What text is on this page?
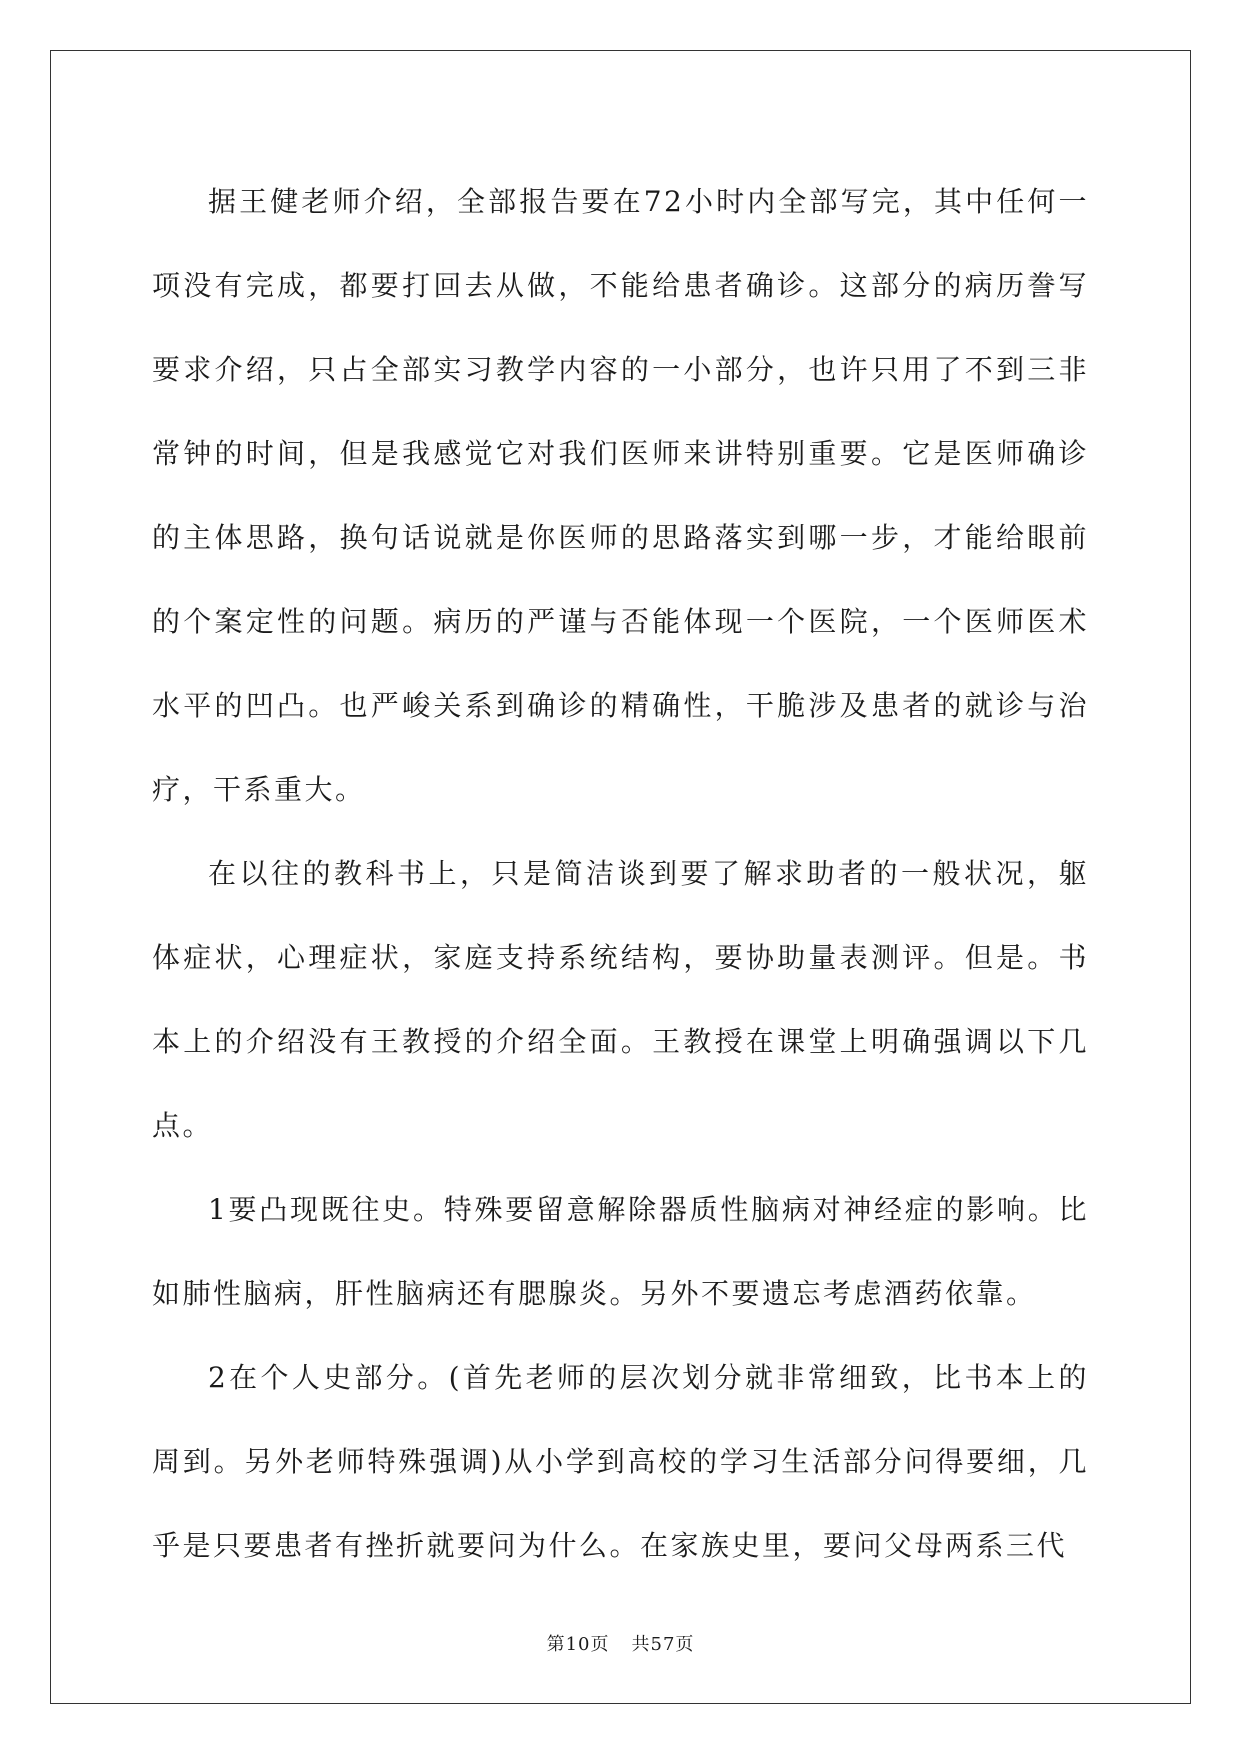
据王健老师介绍，全部报告要在72小时内全部写完，其中任何一项没有完成，都要打回去从做，不能给患者确诊。这部分的病历誊写要求介绍，只占全部实习教学内容的一小部分，也许只用了不到三非常钟的时间，但是我感觉它对我们医师来讲特别重要。它是医师确诊的主体思路，换句话说就是你医师的思路落实到哪一步，才能给眼前的个案定性的问题。病历的严谨与否能体现一个医院，一个医师医术水平的凹凸。也严峻关系到确诊的精确性，干脆涉及患者的就诊与治疗，干系重大。

在以往的教科书上，只是简洁谈到要了解求助者的一般状况，躯体症状，心理症状，家庭支持系统结构，要协助量表测评。但是。书本上的介绍没有王教授的介绍全面。王教授在课堂上明确强调以下几点。

1要凸现既往史。特殊要留意解除器质性脑病对神经症的影响。比如肺性脑病，肝性脑病还有腮腺炎。另外不要遗忘考虑酒药依靠。

2在个人史部分。(首先老师的层次划分就非常细致，比书本上的周到。另外老师特殊强调)从小学到高校的学习生活部分问得要细，几乎是只要患者有挫折就要问为什么。在家族史里，要问父母两系三代

第10页 共57页
